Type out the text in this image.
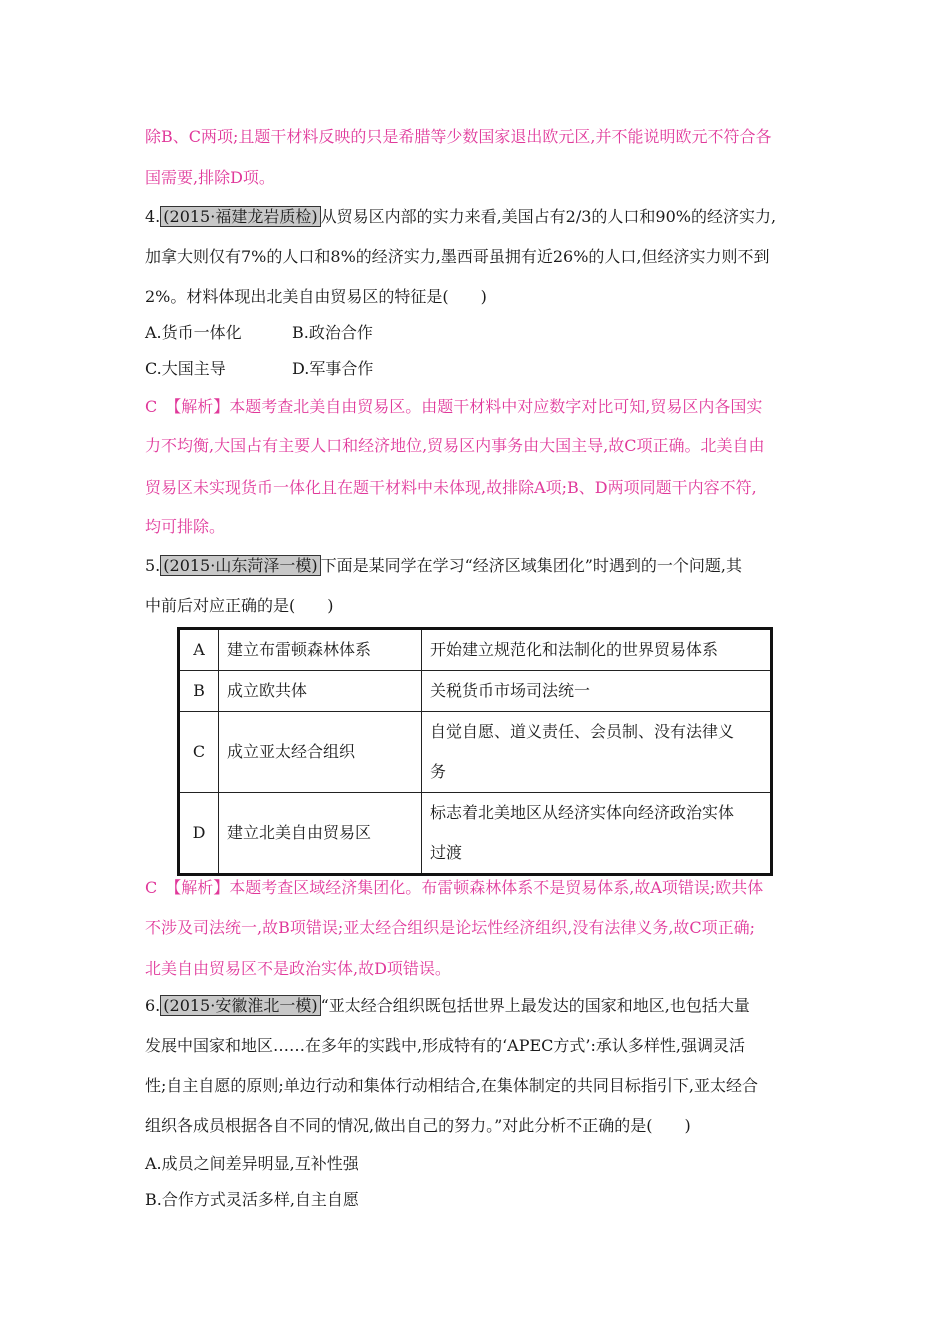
除B、C两项;且题干材料反映的只是希腊等少数国家退出欧元区,并不能说明欧元不符合各
国需要,排除D项。
4. (2015·福建龙岩质检) 从贸易区内部的实力来看,美国占有2/3的人口和90%的经济实力,
加拿大则仅有7%的人口和8%的经济实力,墨西哥虽拥有近26%的人口,但经济实力则不到
2%。材料体现出北美自由贸易区的特征是(　　)
A.货币一体化	B.政治合作
C.大国主导	D.军事合作
C　【解析】本题考查北美自由贸易区。由题干材料中对应数字对比可知,贸易区内各国实
力不均衡,大国占有主要人口和经济地位,贸易区内事务由大国主导,故C项正确。北美自由
贸易区未实现货币一体化且在题干材料中未体现,故排除A项;B、D两项同题干内容不符,
均可排除。
5. (2015·山东菏泽一模) 下面是某同学在学习“经济区域集团化”时遇到的一个问题,其
中前后对应正确的是(　　)
A	建立布雷顿森林体系	开始建立规范化和法制化的世界贸易体系
B	成立欧共体	关税货币市场司法统一
C	成立亚太经合组织	自觉自愿、道义责任、会员制、没有法律义
务

D	建立北美自由贸易区	标志着北美地区从经济实体向经济政治实体
过渡
C　【解析】本题考查区域经济集团化。布雷顿森林体系不是贸易体系,故A项错误;欧共体
不涉及司法统一,故B项错误;亚太经合组织是论坛性经济组织,没有法律义务,故C项正确;
北美自由贸易区不是政治实体,故D项错误。
6. (2015·安徽淮北一模) “亚太经合组织既包括世界上最发达的国家和地区,也包括大量
发展中国家和地区……在多年的实践中,形成特有的‘APEC方式’:承认多样性,强调灵活
性;自主自愿的原则;单边行动和集体行动相结合,在集体制定的共同目标指引下,亚太经合
组织各成员根据各自不同的情况,做出自己的努力。”对此分析不正确的是(　　)
A.成员之间差异明显,互补性强
B.合作方式灵活多样,自主自愿
